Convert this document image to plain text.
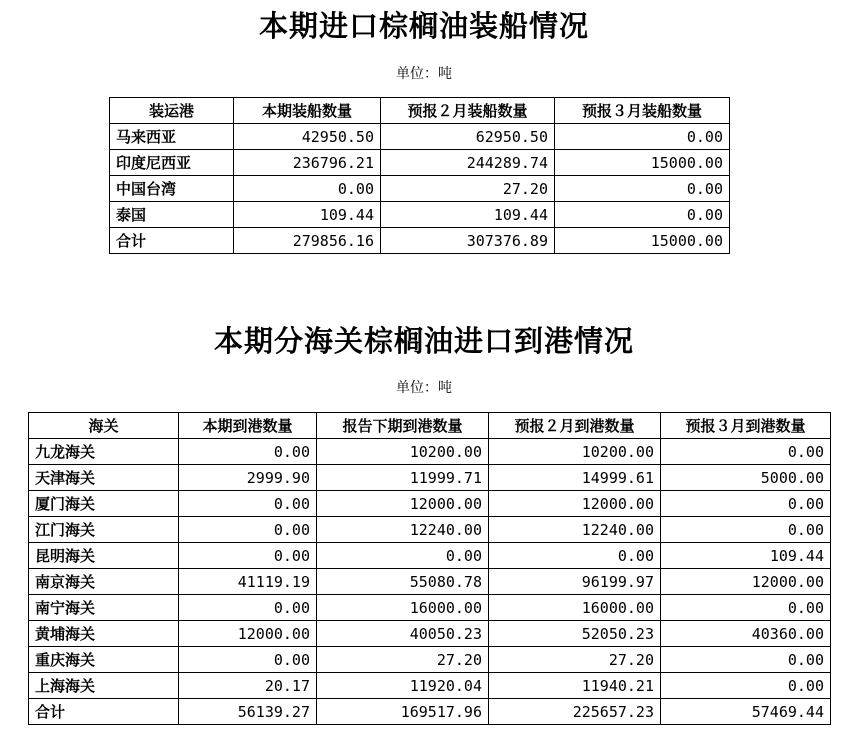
本期进口棕榈油装船情况
单位：吨
装运港	本期装船数量	预报２月装船数量	预报３月装船数量
马来西亚	42950.50	62950.50	0.00
印度尼西亚	236796.21	244289.74	15000.00
中国台湾	0.00	27.20	0.00
泰国	109.44	109.44	0.00
合计	279856.16	307376.89	15000.00
本期分海关棕榈油进口到港情况
单位：吨
海关	本期到港数量	报告下期到港数量	预报２月到港数量	预报３月到港数量
九龙海关	0.00	10200.00	10200.00	0.00
天津海关	2999.90	11999.71	14999.61	5000.00
厦门海关	0.00	12000.00	12000.00	0.00
江门海关	0.00	12240.00	12240.00	0.00
昆明海关	0.00	0.00	0.00	109.44
南京海关	41119.19	55080.78	96199.97	12000.00
南宁海关	0.00	16000.00	16000.00	0.00
黄埔海关	12000.00	40050.23	52050.23	40360.00
重庆海关	0.00	27.20	27.20	0.00
上海海关	20.17	11920.04	11940.21	0.00
合计	56139.27	169517.96	225657.23	57469.44
